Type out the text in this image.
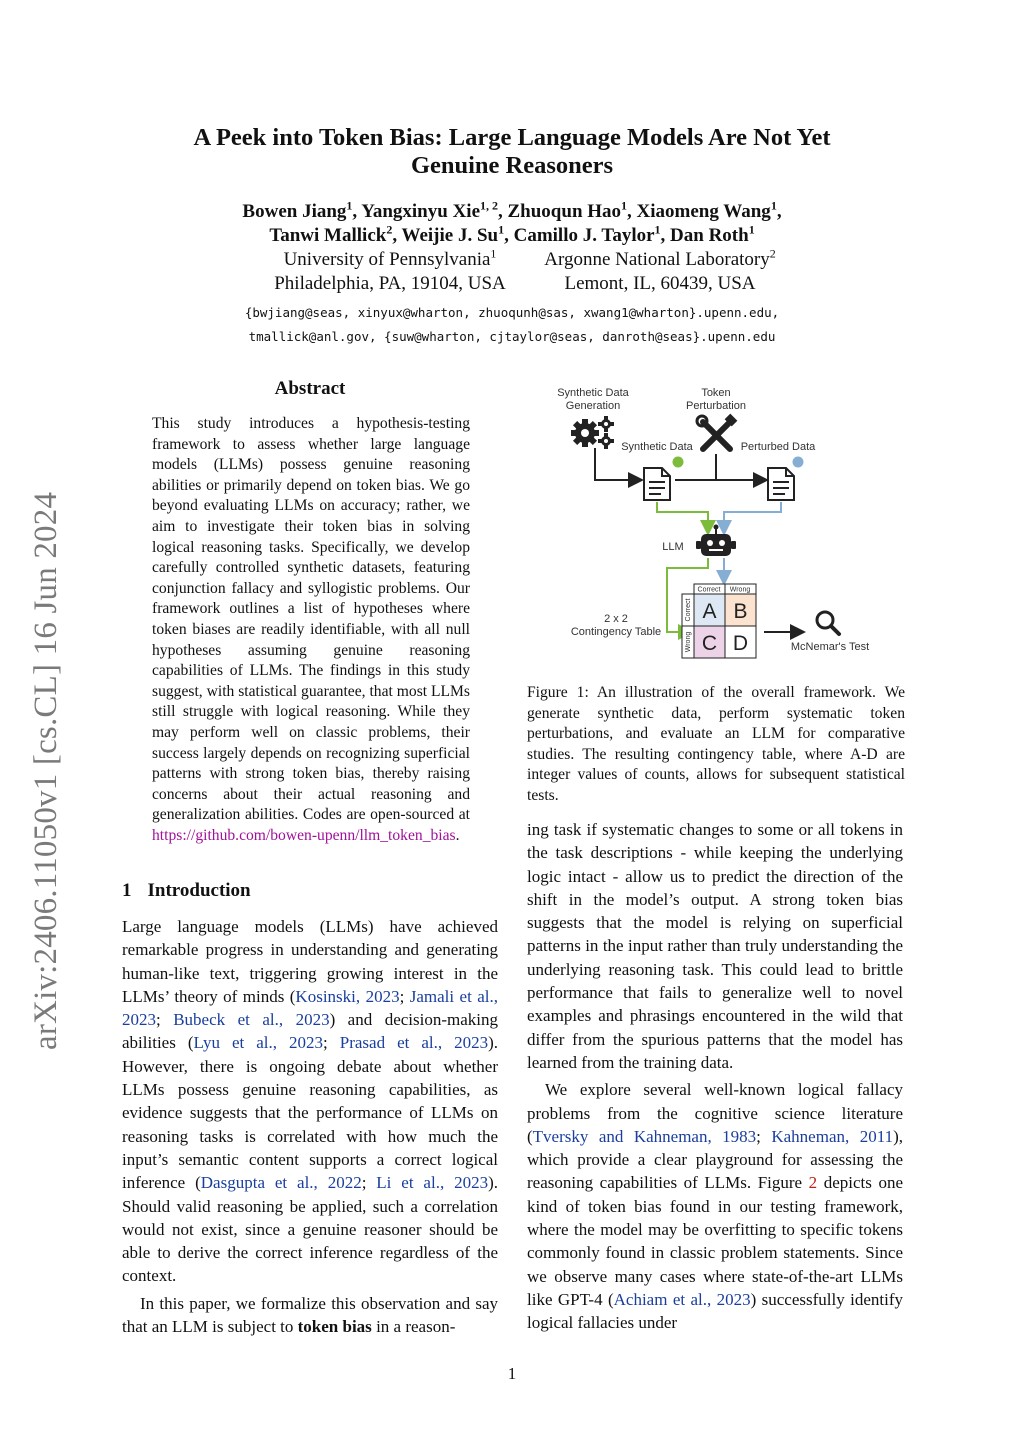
arXiv:2406.11050v1 [cs.CL] 16 Jun 2024
A Peek into Token Bias: Large Language Models Are Not Yet
Genuine Reasoners
Bowen Jiang$^1$, Yangxinyu Xie$^{1, 2}$, Zhuoqun Hao$^1$, Xiaomeng Wang$^1$,
Tanwi Mallick$^2$, Weijie J. Su$^1$, Camillo J. Taylor$^1$, Dan Roth$^1$
University of Pennsylvania$^1$
Philadelphia, PA, 19104, USA
Argonne National Laboratory$^2$
Lemont, IL, 60439, USA
{bwjiang@seas, xinyux@wharton, zhuoqunh@sas, xwang1@wharton}.upenn.edu,
tmallick@anl.gov, {suw@wharton, cjtaylor@seas, danroth@seas}.upenn.edu
Abstract
This study introduces a hypothesis-testing framework to assess whether large language models (LLMs) possess genuine reasoning abilities or primarily depend on token bias. We go beyond evaluating LLMs on accuracy; rather, we aim to investigate their token bias in solving logical reasoning tasks. Specifically, we develop carefully controlled synthetic datasets, featuring conjunction fallacy and syllogistic problems. Our framework outlines a list of hypotheses where token biases are readily identifiable, with all null hypotheses assuming genuine reasoning capabilities of LLMs. The findings in this study suggest, with statistical guarantee, that most LLMs still struggle with logical reasoning. While they may perform well on classic problems, their success largely depends on recognizing superficial patterns with strong token bias, thereby raising concerns about their actual reasoning and generalization abilities. Codes are open-sourced at https://github.com/bowen-upenn/llm_token_bias.
1 Introduction

Large language models (LLMs) have achieved remarkable progress in understanding and generating human-like text, triggering growing interest in the LLMs’ theory of minds (Kosinski, 2023; Jamali et al., 2023; Bubeck et al., 2023) and decision-making abilities (Lyu et al., 2023; Prasad et al., 2023). However, there is ongoing debate about whether LLMs possess genuine reasoning capabilities, as evidence suggests that the performance of LLMs on reasoning tasks is correlated with how much the input’s semantic content supports a correct logical inference (Dasgupta et al., 2022; Li et al., 2023). Should valid reasoning be applied, such a correlation would not exist, since a genuine reasoner should be able to derive the correct inference regardless of the context.

In this paper, we formalize this observation and say that an LLM is subject to token bias in a reason-

ing task if systematic changes to some or all tokens in the task descriptions - while keeping the underlying logic intact - allow us to predict the direction of the shift in the model’s output. A strong token bias suggests that the model is relying on superficial patterns in the input rather than truly understanding the underlying reasoning task. This could lead to brittle performance that fails to generalize well to novel examples and phrasings encountered in the wild that differ from the spurious patterns that the model has learned from the training data.

We explore several well-known logical fallacy problems from the cognitive science literature (Tversky and Kahneman, 1983; Kahneman, 2011), which provide a clear playground for assessing the reasoning capabilities of LLMs. Figure 2 depicts one kind of token bias found in our testing framework, where the model may be overfitting to specific tokens commonly found in classic problem statements. Since we observe many cases where state-of-the-art LLMs like GPT-4 (Achiam et al., 2023) successfully identify logical fallacies under

Synthetic Data
Generation
Token
Perturbation
Synthetic Data	Perturbed Data
LLM
Correct Wrong
Correct
Wrong
A B
C D
2 x 2
Contingency Table
McNemar's Test
Figure 1: An illustration of the overall framework. We generate synthetic data, perform systematic token perturbations, and evaluate an LLM for comparative studies. The resulting contingency table, where A-D are integer values of counts, allows for subsequent statistical tests.
1
